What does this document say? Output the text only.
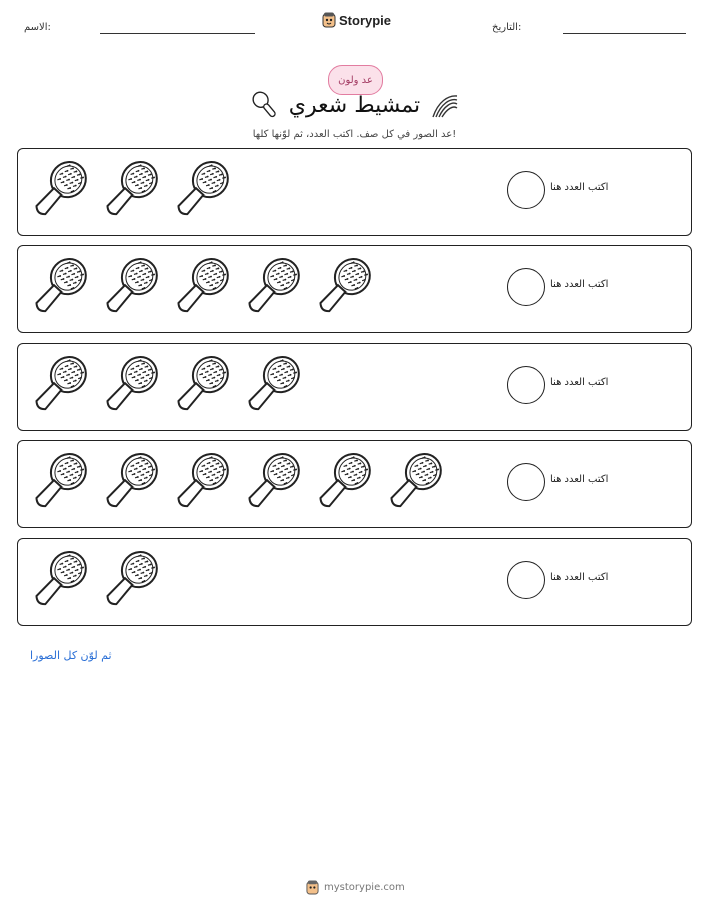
الاسم:	Storypie	التاريخ:
عد ولون
تمشيط شعري
عد الصور في كل صف. اكتب العدد، ثم لوّنها كلها!
اكتب العدد هنا
اكتب العدد هنا
اكتب العدد هنا
اكتب العدد هنا
اكتب العدد هنا
ثم لوّن كل الصورا
mystorypie.com
